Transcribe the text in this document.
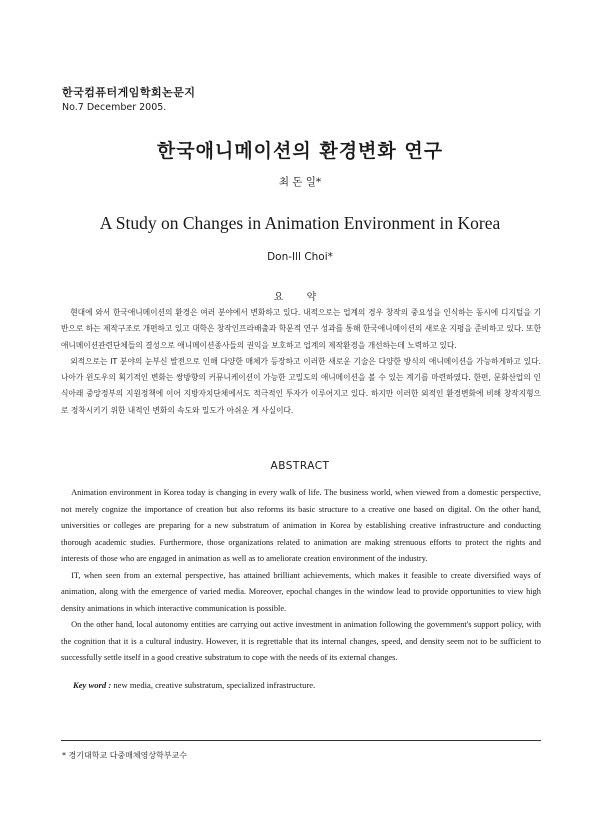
한국컴퓨터게임학회논문지
No.7 December 2005.
한국애니메이션의 환경변화 연구
최 돈 일*
A Study on Changes in Animation Environment in Korea
Don-Ill Choi*
요 약

현대에 와서 한국애니메이션의 환경은 여러 분야에서 변화하고 있다. 내적으로는 업계의 경우 창작의 중요성을 인식하는 동시에 디지털을 기반으로 하는 제작구조로 개편하고 있고 대학은 창작인프라배출과 학문적 연구 성과를 통해 한국애니메이션의 새로운 지평을 준비하고 있다. 또한 애니메이션관련단체들의 결성으로 애니메이션종사들의 권익을 보호하고 업계의 제작환경을 개선하는데 노력하고 있다.

외적으로는 IT 분야의 눈부신 발전으로 인해 다양한 매체가 등장하고 이러한 새로운 기술은 다양한 방식의 애니메이션을 가능하게하고 있다. 나아가 윈도우의 획기적인 변화는 쌍방향의 커뮤니케이션이 가능한 고밀도의 애니메이션을 볼 수 있는 계기를 마련하였다. 한편, 문화산업의 인식아래 중앙정부의 지원정책에 이어 지방자치단체에서도 적극적인 투자가 이루어지고 있다. 하지만 이러한 외적인 환경변화에 비해 창작지형으로 정착시키기 위한 내적인 변화의 속도와 밀도가 아쉬운 게 사실이다.

ABSTRACT

Animation environment in Korea today is changing in every walk of life. The business world, when viewed from a domestic perspective, not merely cognize the importance of creation but also reforms its basic structure to a creative one based on digital. On the other hand, universities or colleges are preparing for a new substratum of animation in Korea by establishing creative infrastructure and conducting thorough academic studies. Furthermore, those organizations related to animation are making strenuous efforts to protect the rights and interests of those who are engaged in animation as well as to ameliorate creation environment of the industry.

IT, when seen from an external perspective, has attained brilliant achievements, which makes it feasible to create diversified ways of animation, along with the emergence of varied media. Moreover, epochal changes in the window lead to provide opportunities to view high density animations in which interactive communication is possible.

On the other hand, local autonomy entities are carrying out active investment in animation following the government's support policy, with the cognition that it is a cultural industry. However, it is regrettable that its internal changes, speed, and density seem not to be sufficient to successfully settle itself in a good creative substratum to cope with the needs of its external changes.

Key word : new media, creative substratum, specialized infrastructure.
* 경기대학교 다중매체영상학부교수
